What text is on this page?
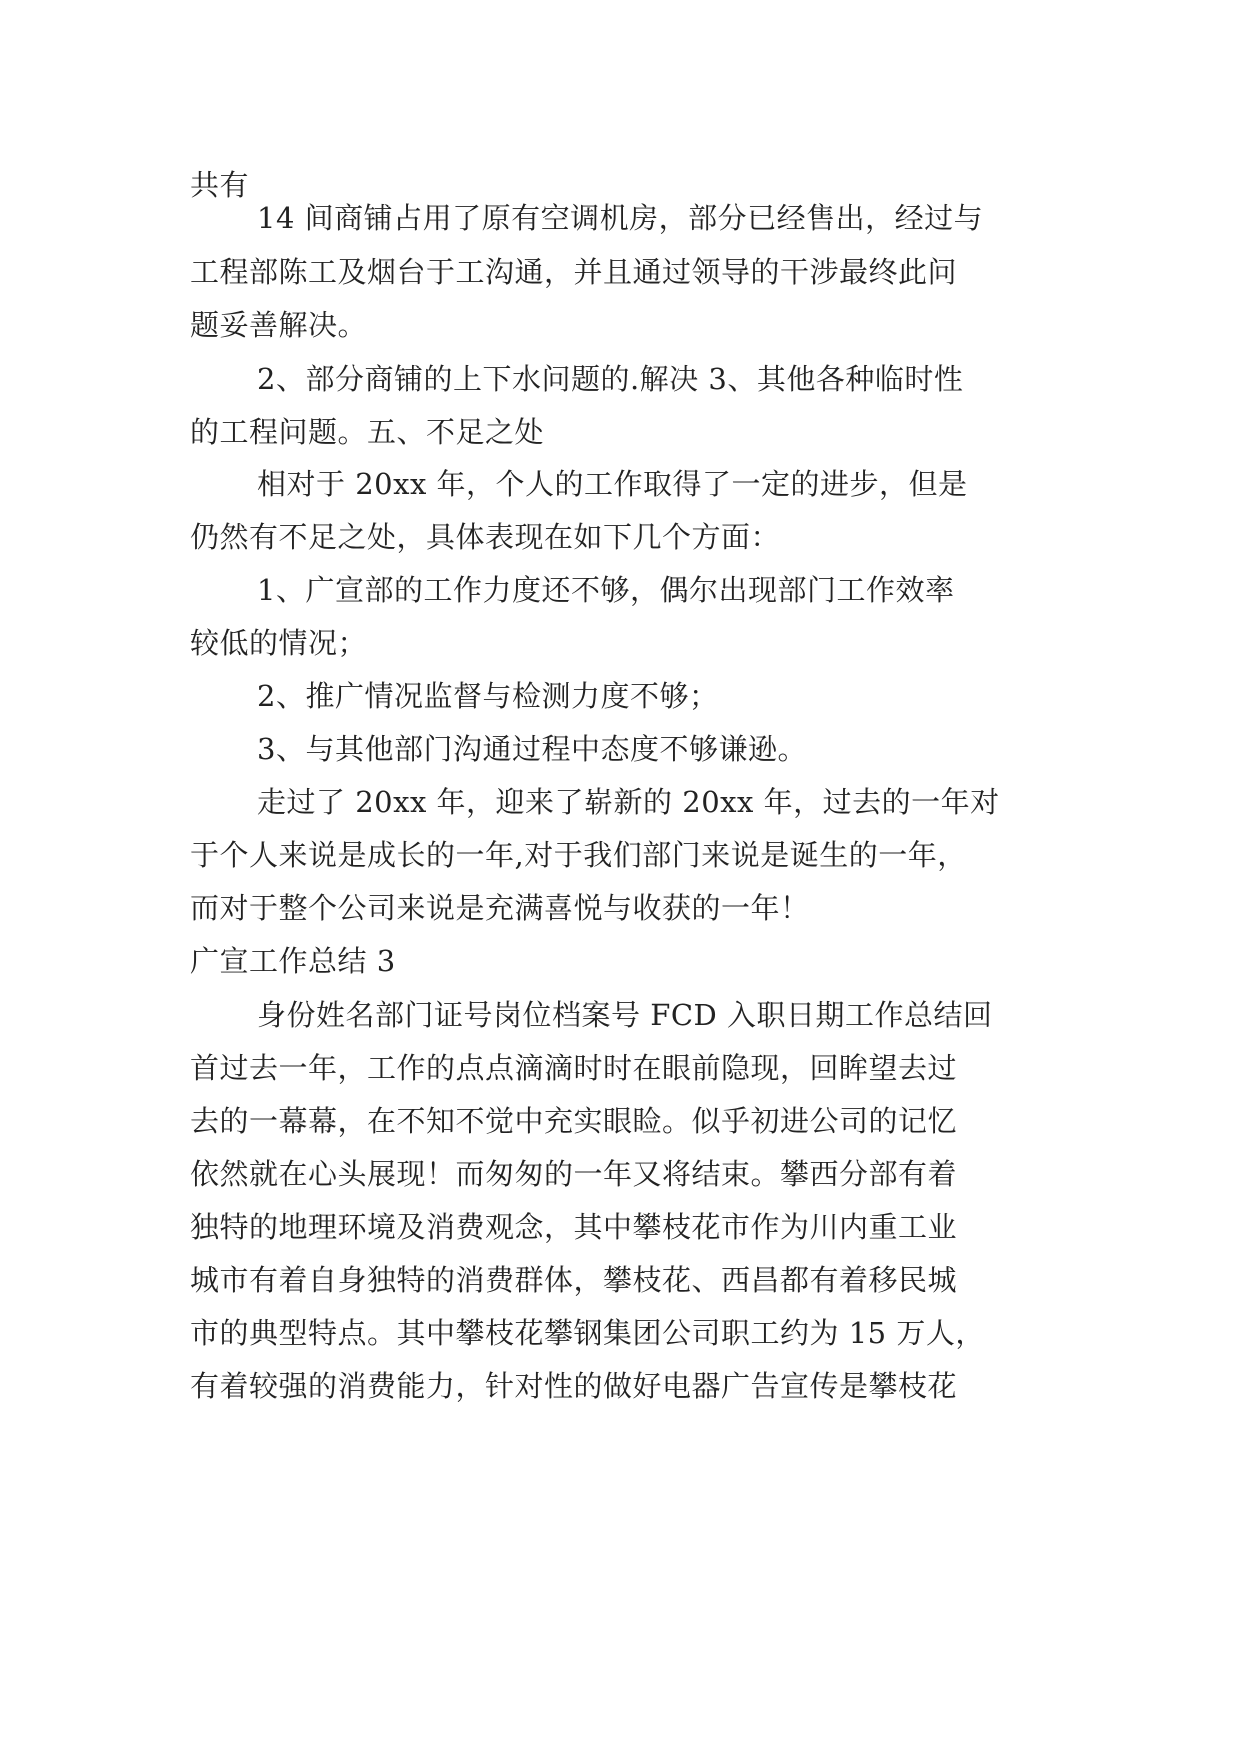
共有

14 间商铺占用了原有空调机房，部分已经售出，经过与

工程部陈工及烟台于工沟通，并且通过领导的干涉最终此问

题妥善解决。

2、部分商铺的上下水问题的.解决 3、其他各种临时性

的工程问题。五、不足之处

相对于 20xx 年，个人的工作取得了一定的进步，但是

仍然有不足之处，具体表现在如下几个方面：

1、广宣部的工作力度还不够，偶尔出现部门工作效率

较低的情况；

2、推广情况监督与检测力度不够；

3、与其他部门沟通过程中态度不够谦逊。

走过了 20xx 年，迎来了崭新的 20xx 年，过去的一年对

于个人来说是成长的一年,对于我们部门来说是诞生的一年，

而对于整个公司来说是充满喜悦与收获的一年！

广宣工作总结 3

身份姓名部门证号岗位档案号 FCD 入职日期工作总结回

首过去一年，工作的点点滴滴时时在眼前隐现，回眸望去过

去的一幕幕，在不知不觉中充实眼睑。似乎初进公司的记忆

依然就在心头展现！而匆匆的一年又将结束。攀西分部有着

独特的地理环境及消费观念，其中攀枝花市作为川内重工业

城市有着自身独特的消费群体，攀枝花、西昌都有着移民城

市的典型特点。其中攀枝花攀钢集团公司职工约为 15 万人，

有着较强的消费能力，针对性的做好电器广告宣传是攀枝花
